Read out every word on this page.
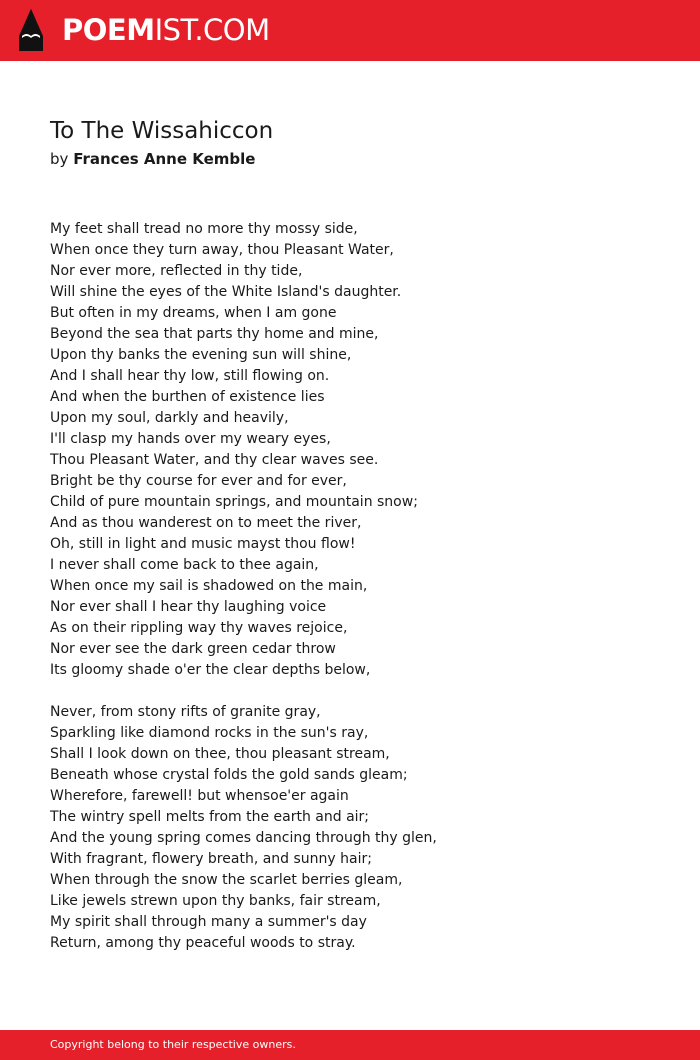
POEMIST.COM
To The Wissahiccon
by Frances Anne Kemble
My feet shall tread no more thy mossy side,
When once they turn away, thou Pleasant Water,
Nor ever more, reflected in thy tide,
Will shine the eyes of the White Island's daughter.
But often in my dreams, when I am gone
Beyond the sea that parts thy home and mine,
Upon thy banks the evening sun will shine,
And I shall hear thy low, still flowing on.
And when the burthen of existence lies
Upon my soul, darkly and heavily,
I'll clasp my hands over my weary eyes,
Thou Pleasant Water, and thy clear waves see.
Bright be thy course for ever and for ever,
Child of pure mountain springs, and mountain snow;
And as thou wanderest on to meet the river,
Oh, still in light and music mayst thou flow!
I never shall come back to thee again,
When once my sail is shadowed on the main,
Nor ever shall I hear thy laughing voice
As on their rippling way thy waves rejoice,
Nor ever see the dark green cedar throw
Its gloomy shade o'er the clear depths below,
Never, from stony rifts of granite gray,
Sparkling like diamond rocks in the sun's ray,
Shall I look down on thee, thou pleasant stream,
Beneath whose crystal folds the gold sands gleam;
Wherefore, farewell! but whensoe'er again
The wintry spell melts from the earth and air;
And the young spring comes dancing through thy glen,
With fragrant, flowery breath, and sunny hair;
When through the snow the scarlet berries gleam,
Like jewels strewn upon thy banks, fair stream,
My spirit shall through many a summer's day
Return, among thy peaceful woods to stray.
Copyright belong to their respective owners.
